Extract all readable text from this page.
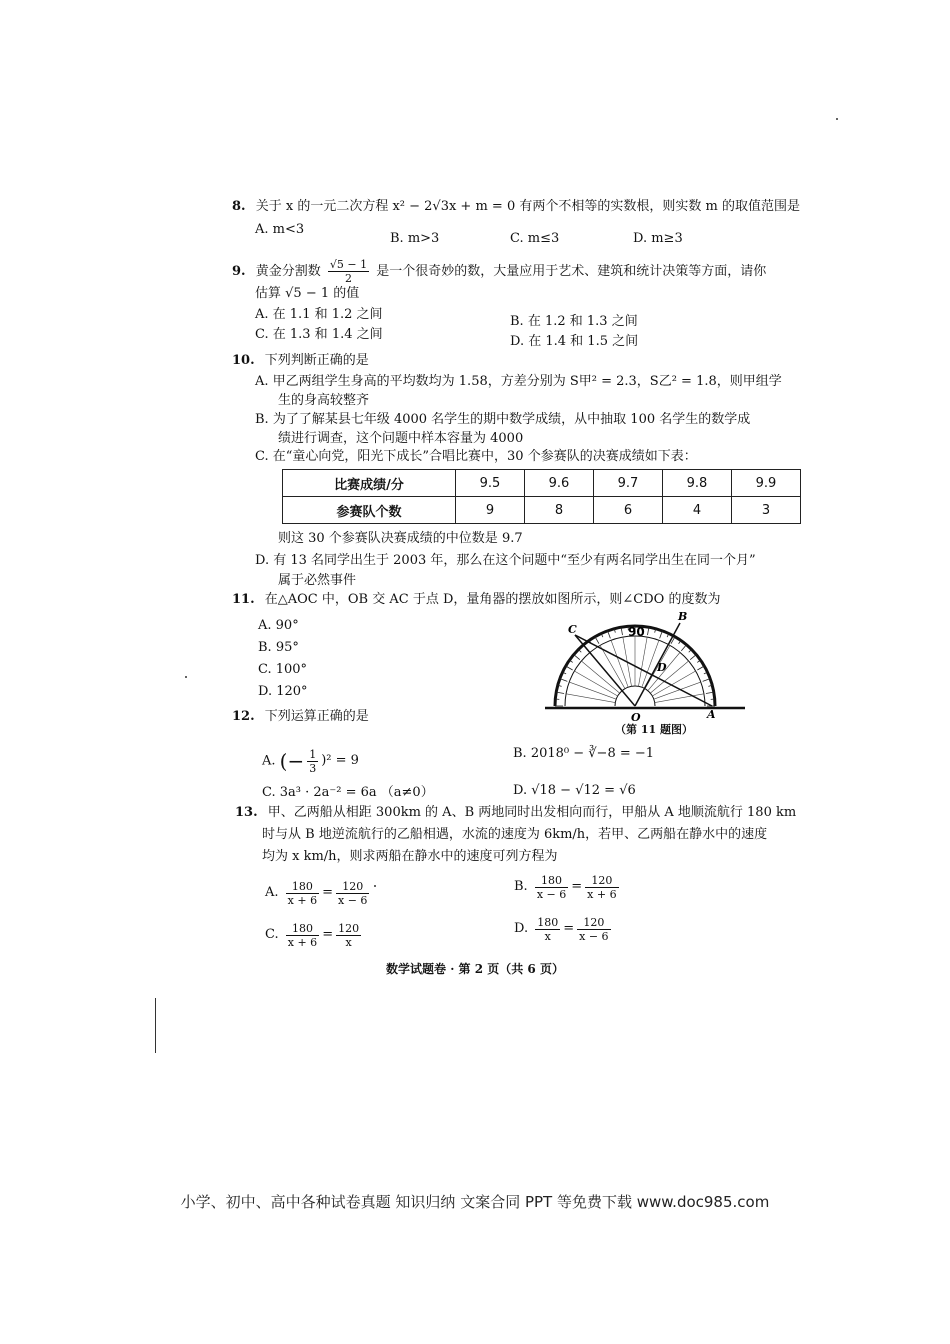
8. 关于 x 的一元二次方程 x² − 2√3x + m = 0 有两个不相等的实数根，则实数 m 的取值范围是
A. m<3
B. m>3	C. m≤3	D. m≥3
9. 黄金分割数 $\frac{√5 - 1}{2}$ 是一个很奇妙的数，大量应用于艺术、建筑和统计决策等方面，请你
估算 √5 − 1 的值
A. 在 1.1 和 1.2 之间	B. 在 1.2 和 1.3 之间
C. 在 1.3 和 1.4 之间	D. 在 1.4 和 1.5 之间
10. 下列判断正确的是
A. 甲乙两组学生身高的平均数均为 1.58，方差分别为 S甲² = 2.3，S乙² = 1.8，则甲组学
生的身高较整齐
B. 为了了解某县七年级 4000 名学生的期中数学成绩，从中抽取 100 名学生的数学成
绩进行调查，这个问题中样本容量为 4000
C. 在“童心向党，阳光下成长”合唱比赛中，30 个参赛队的决赛成绩如下表：
比赛成绩/分	9.5	9.6	9.7	9.8	9.9
参赛队个数	9	8	6	4	3
则这 30 个参赛队决赛成绩的中位数是 9.7
D. 有 13 名同学出生于 2003 年，那么在这个问题中“至少有两名同学出生在同一个月”
属于必然事件
11. 在△AOC 中，OB 交 AC 于点 D，量角器的摆放如图所示，则∠CDO 的度数为
A. 90°
B. 95°
C. 100°
D. 120°
C
B
D
O	A
90
（第 11 题图）
12. 下列运算正确的是
A. (− $\frac{1}{3} )^2 = 9$	B. 2018⁰ − ∛−8 = −1
C. 3a³ · 2a⁻² = 6a （a≠0）	D. √18 − √12 = √6
13. 甲、乙两船从相距 300km 的 A、B 两地同时出发相向而行，甲船从 A 地顺流航行 180 km
时与从 B 地逆流航行的乙船相遇，水流的速度为 6km/h，若甲、乙两船在静水中的速度
均为 x km/h，则求两船在静水中的速度可列方程为
A. $\frac{180}{x + 6} = \frac{120}{x - 6}$	B. $\frac{180}{x - 6} = \frac{120}{x + 6}$
C. $\frac{180}{x + 6} = \frac{120}{x}$	D. $\frac{180}{x} = \frac{120}{x - 6}$
数学试题卷 · 第 2 页（共 6 页）
小学、初中、高中各种试卷真题 知识归纳 文案合同 PPT 等免费下载 www.doc985.com
